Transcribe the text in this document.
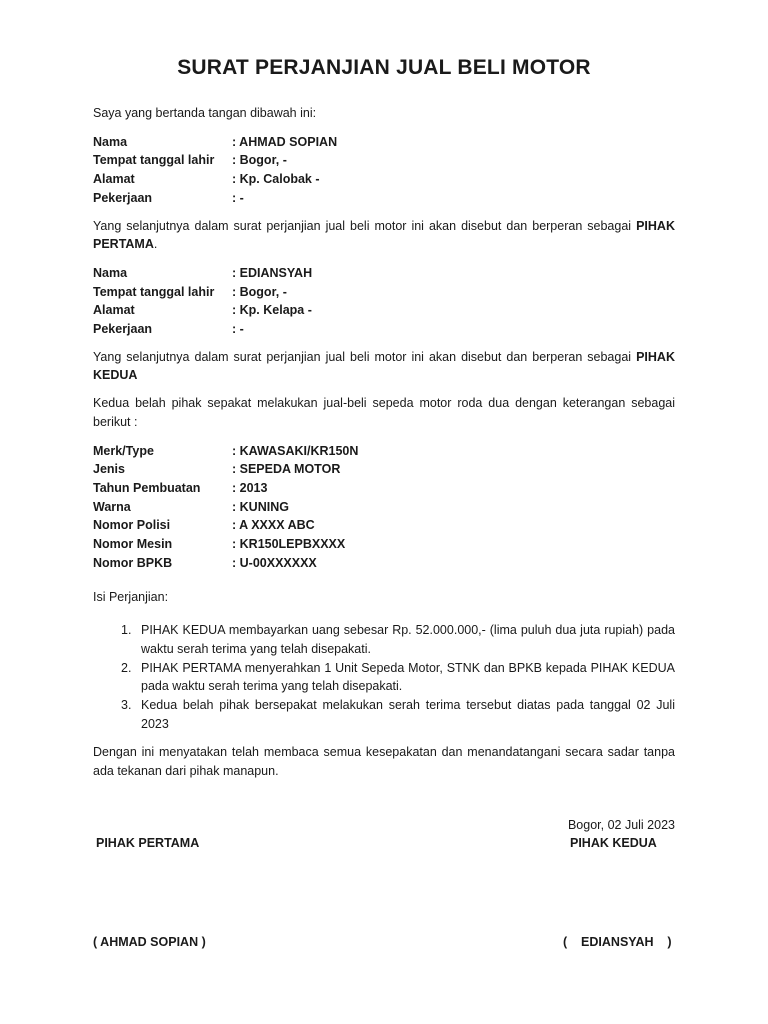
SURAT PERJANJIAN JUAL BELI MOTOR

Saya yang bertanda tangan dibawah ini:

Nama	: AHMAD SOPIAN
Tempat tanggal lahir	: Bogor, -
Alamat	: Kp. Calobak -
Pekerjaan	: -

Yang selanjutnya dalam surat perjanjian jual beli motor ini akan disebut dan berperan sebagai PIHAK PERTAMA.

Nama	: EDIANSYAH
Tempat tanggal lahir	: Bogor, -
Alamat	: Kp. Kelapa -
Pekerjaan	: -

Yang selanjutnya dalam surat perjanjian jual beli motor ini akan disebut dan berperan sebagai PIHAK KEDUA

Kedua belah pihak sepakat melakukan jual-beli sepeda motor roda dua dengan keterangan sebagai berikut :

Merk/Type	: KAWASAKI/KR150N
Jenis	: SEPEDA MOTOR
Tahun Pembuatan	: 2013
Warna	: KUNING
Nomor Polisi	: A XXXX ABC
Nomor Mesin	: KR150LEPBXXXX
Nomor BPKB	: U-00XXXXXX

Isi Perjanjian:

1. PIHAK KEDUA membayarkan uang sebesar Rp. 52.000.000,- (lima puluh dua juta rupiah) pada waktu serah terima yang telah disepakati.
2. PIHAK PERTAMA menyerahkan 1 Unit Sepeda Motor, STNK dan BPKB kepada PIHAK KEDUA pada waktu serah terima yang telah disepakati.
3. Kedua belah pihak bersepakat melakukan serah terima tersebut diatas pada tanggal 02 Juli 2023

Dengan ini menyatakan telah membaca semua kesepakatan dan menandatangani secara sadar tanpa ada tekanan dari pihak manapun.

Bogor, 02 Juli 2023
PIHAK PERTAMA	PIHAK KEDUA
( AHMAD SOPIAN )	(    EDIANSYAH    )
